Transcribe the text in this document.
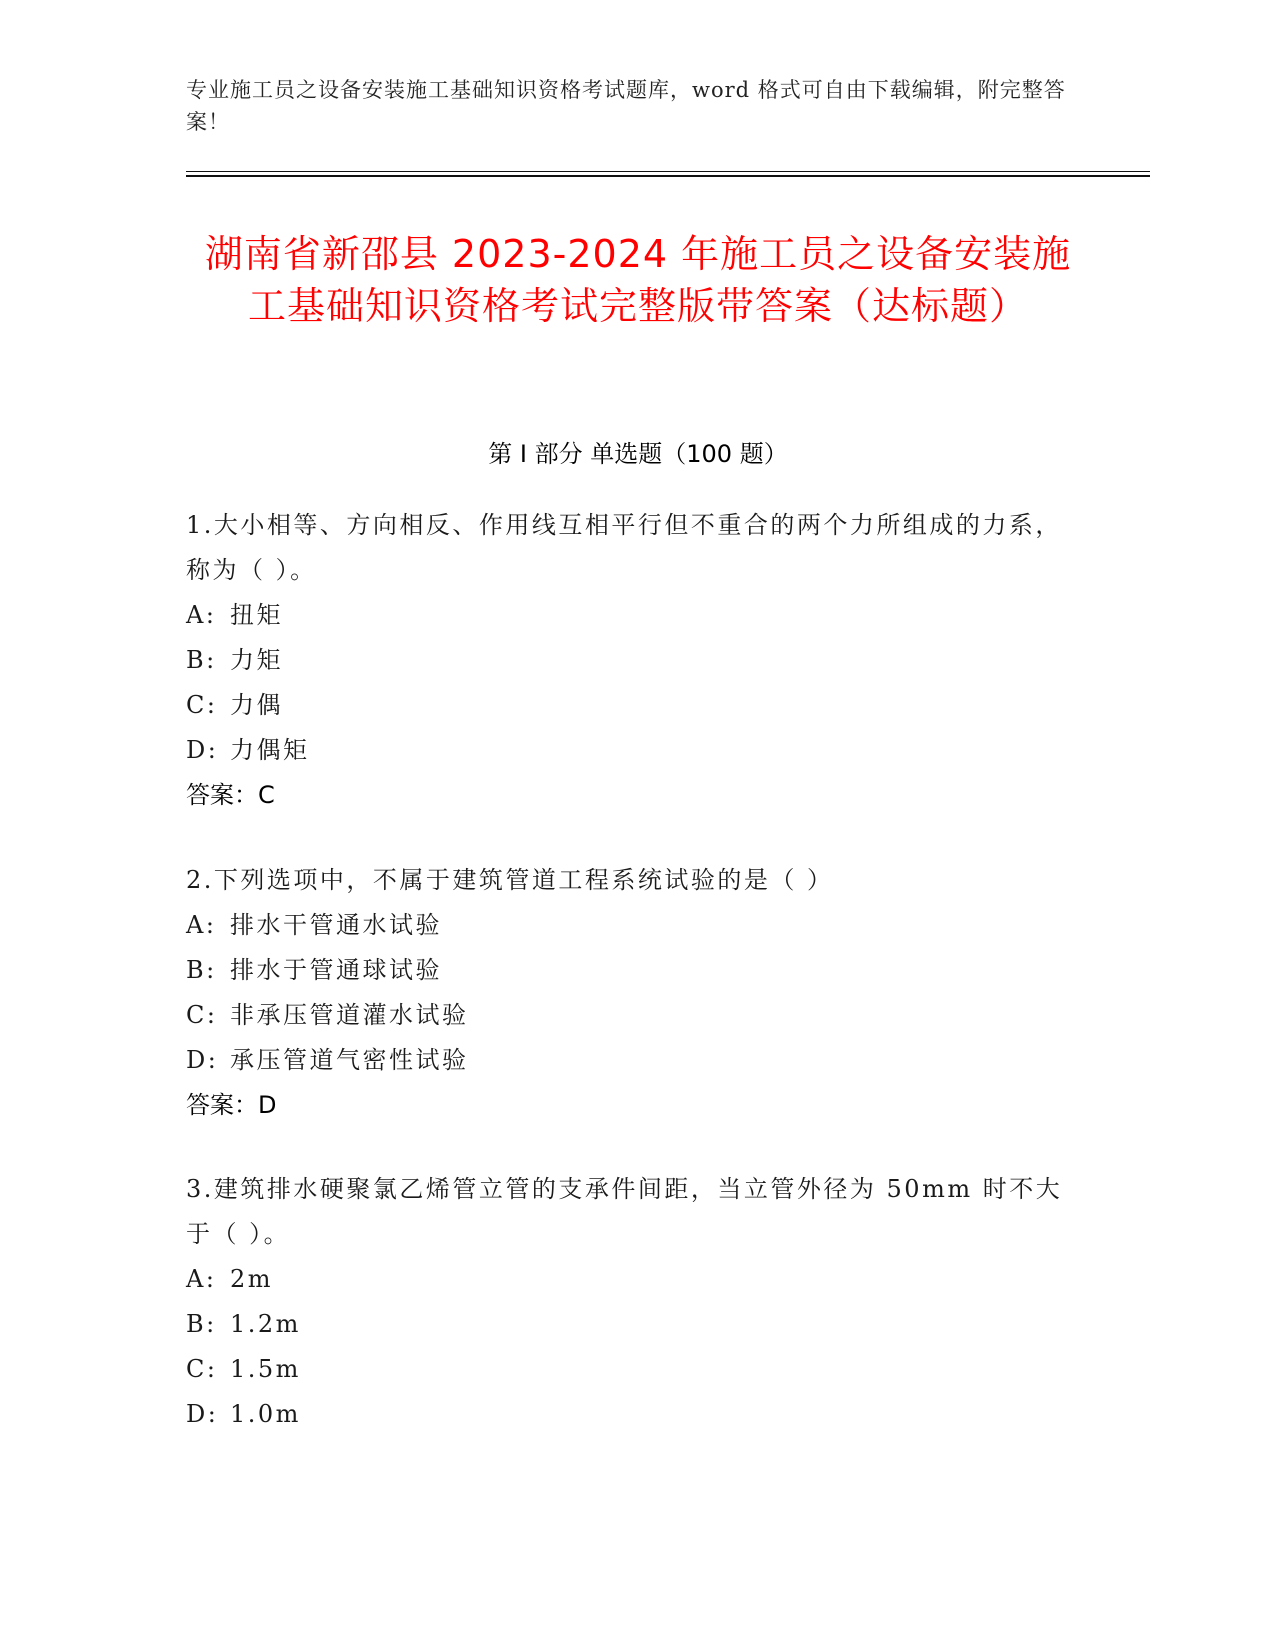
专业施工员之设备安装施工基础知识资格考试题库，word 格式可自由下载编辑，附完整答案！
湖南省新邵县 2023-2024 年施工员之设备安装施工基础知识资格考试完整版带答案（达标题）
第 I 部分 单选题（100 题）

1.大小相等、方向相反、作用线互相平行但不重合的两个力所组成的力系，称为（ ）。

A: 扭矩

B: 力矩

C: 力偶

D: 力偶矩

答案：C

2.下列选项中，不属于建筑管道工程系统试验的是（ ）

A: 排水干管通水试验

B: 排水于管通球试验

C: 非承压管道灌水试验

D: 承压管道气密性试验

答案：D

3.建筑排水硬聚氯乙烯管立管的支承件间距，当立管外径为 50mm 时不大于（ ）。

A: 2m

B: 1.2m

C: 1.5m

D: 1.0m
